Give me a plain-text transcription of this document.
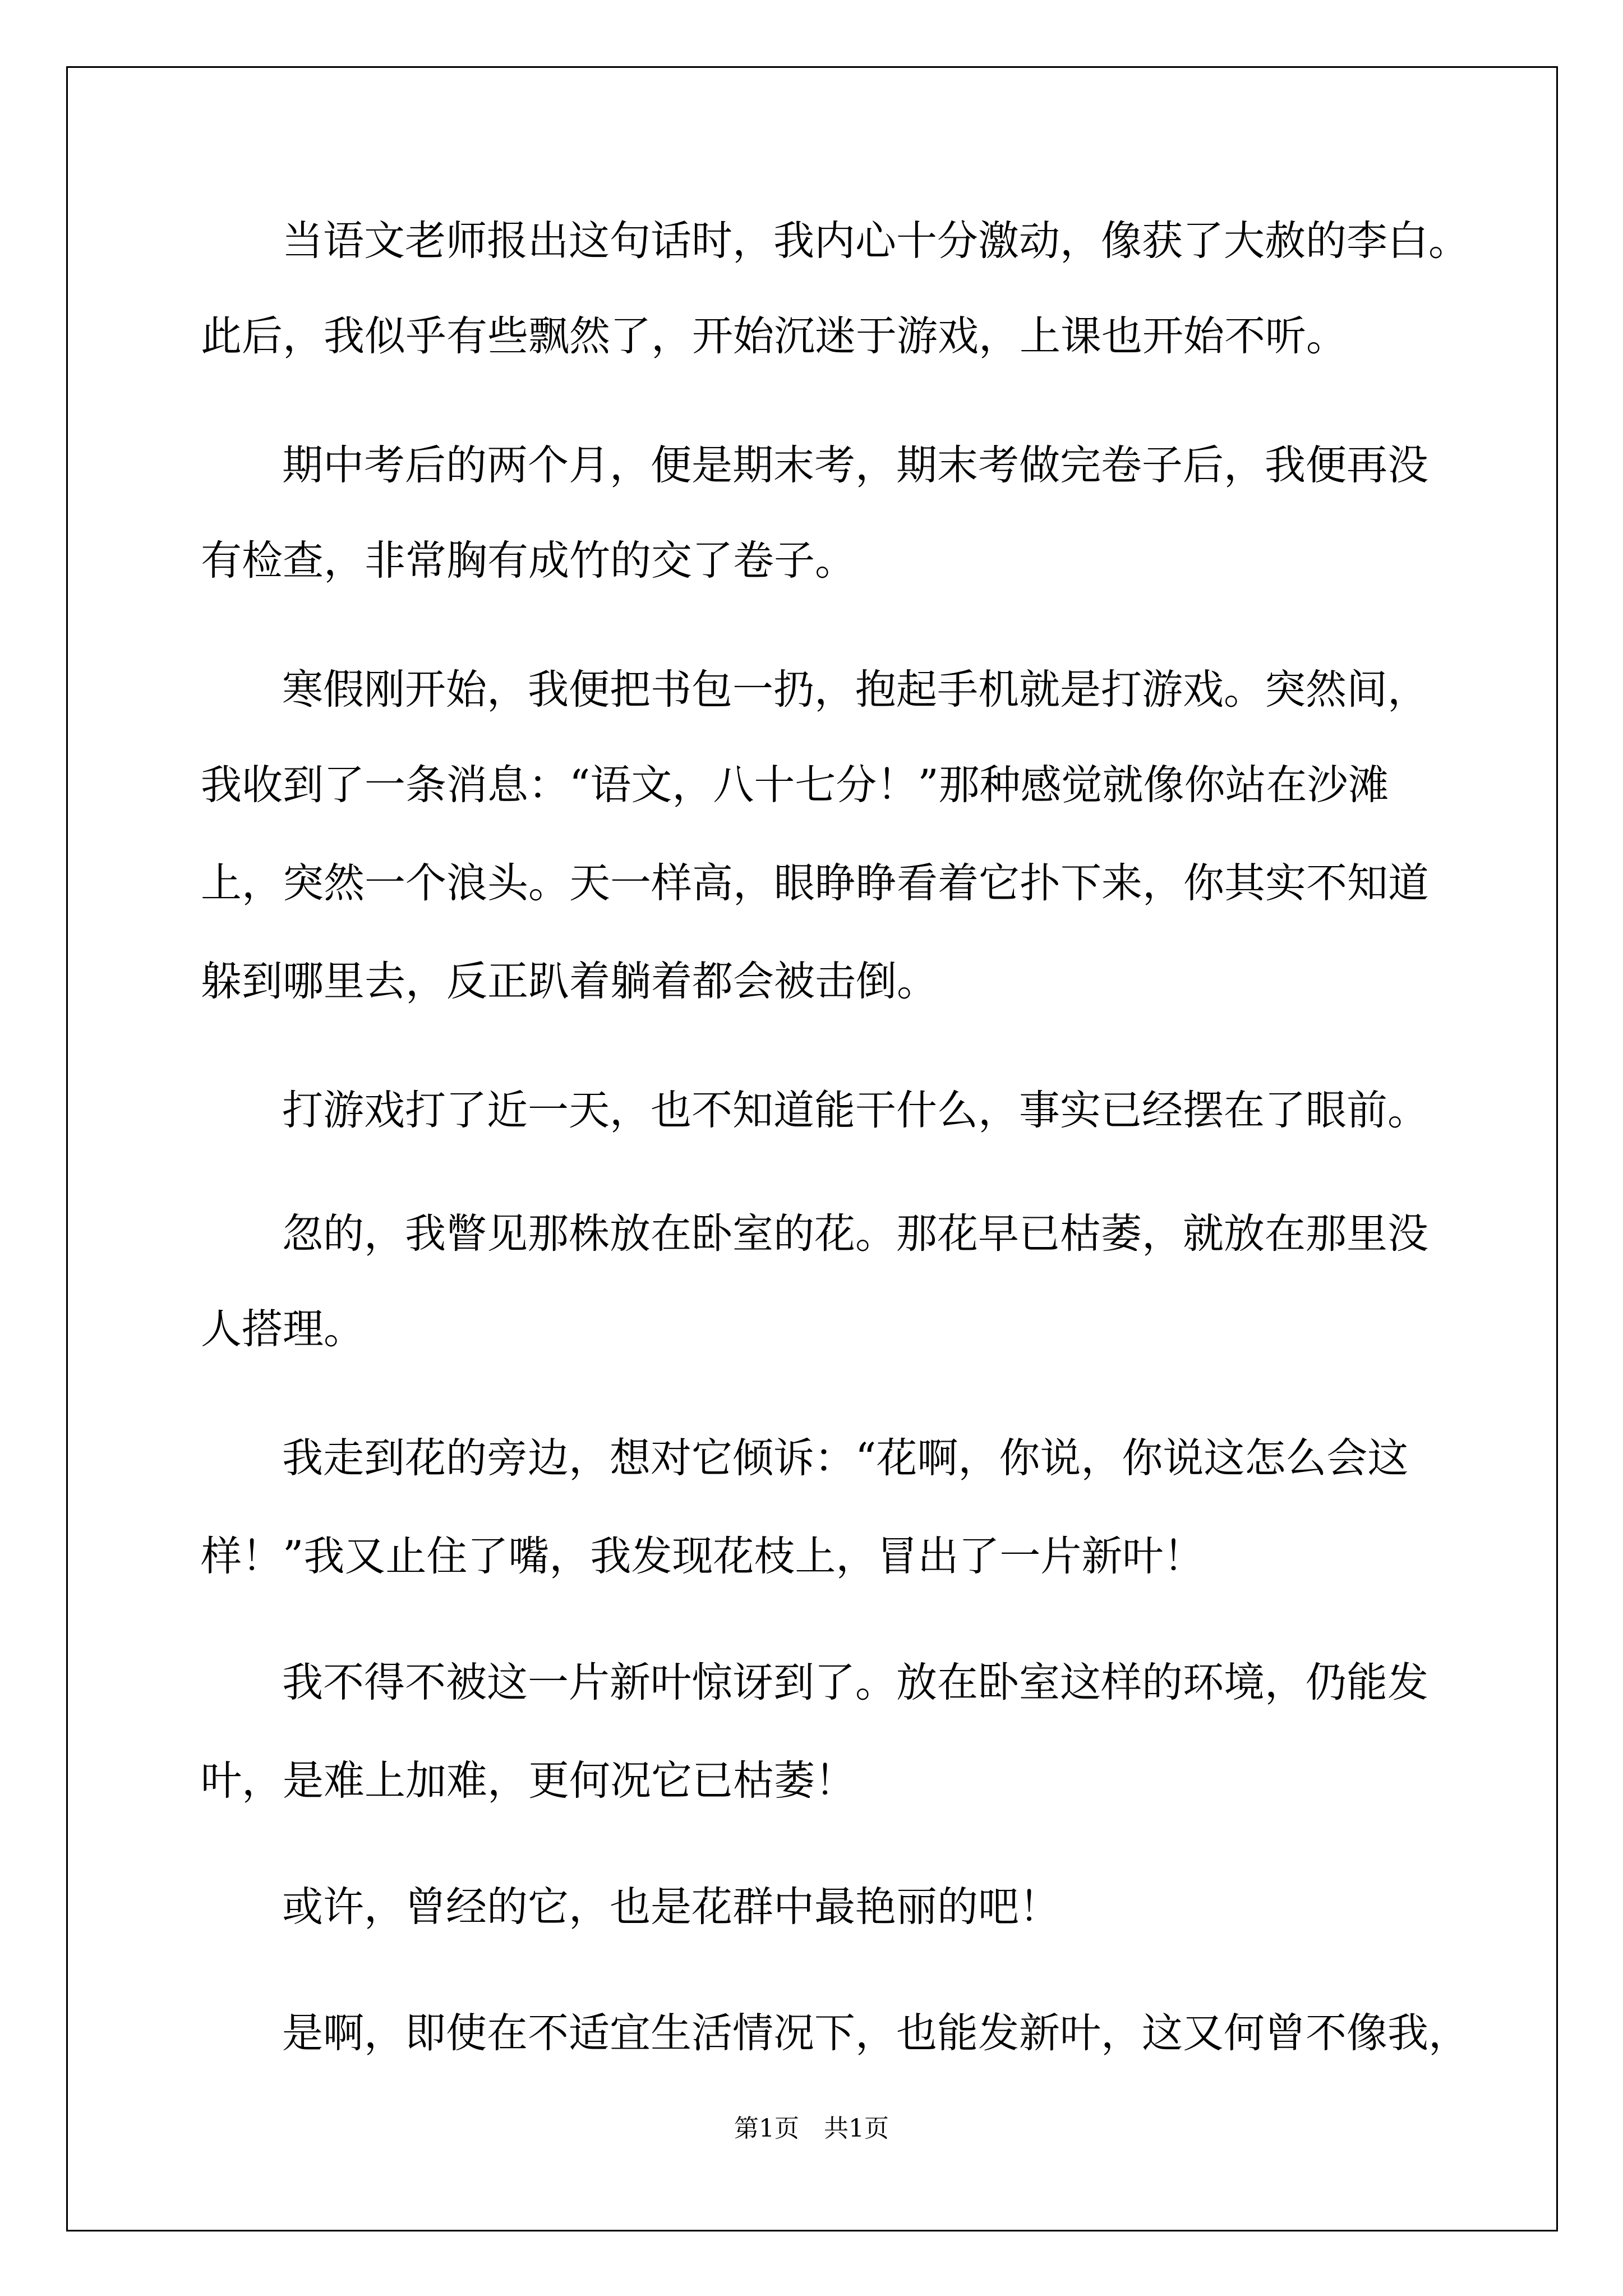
当语文老师报出这句话时，我内心十分激动，像获了大赦的李白。
此后，我似乎有些飘然了，开始沉迷于游戏，上课也开始不听。
期中考后的两个月，便是期末考，期末考做完卷子后，我便再没
有检查，非常胸有成竹的交了卷子。
寒假刚开始，我便把书包一扔，抱起手机就是打游戏。突然间，
我收到了一条消息：“语文，八十七分！”那种感觉就像你站在沙滩
上，突然一个浪头。天一样高，眼睁睁看着它扑下来，你其实不知道
躲到哪里去，反正趴着躺着都会被击倒。
打游戏打了近一天，也不知道能干什么，事实已经摆在了眼前。
忽的，我瞥见那株放在卧室的花。那花早已枯萎，就放在那里没
人搭理。
我走到花的旁边，想对它倾诉：“花啊，你说，你说这怎么会这
样！”我又止住了嘴，我发现花枝上，冒出了一片新叶！
我不得不被这一片新叶惊讶到了。放在卧室这样的环境，仍能发
叶，是难上加难，更何况它已枯萎！
或许，曾经的它，也是花群中最艳丽的吧！
是啊，即使在不适宜生活情况下，也能发新叶，这又何曾不像我，
第1页　共1页
